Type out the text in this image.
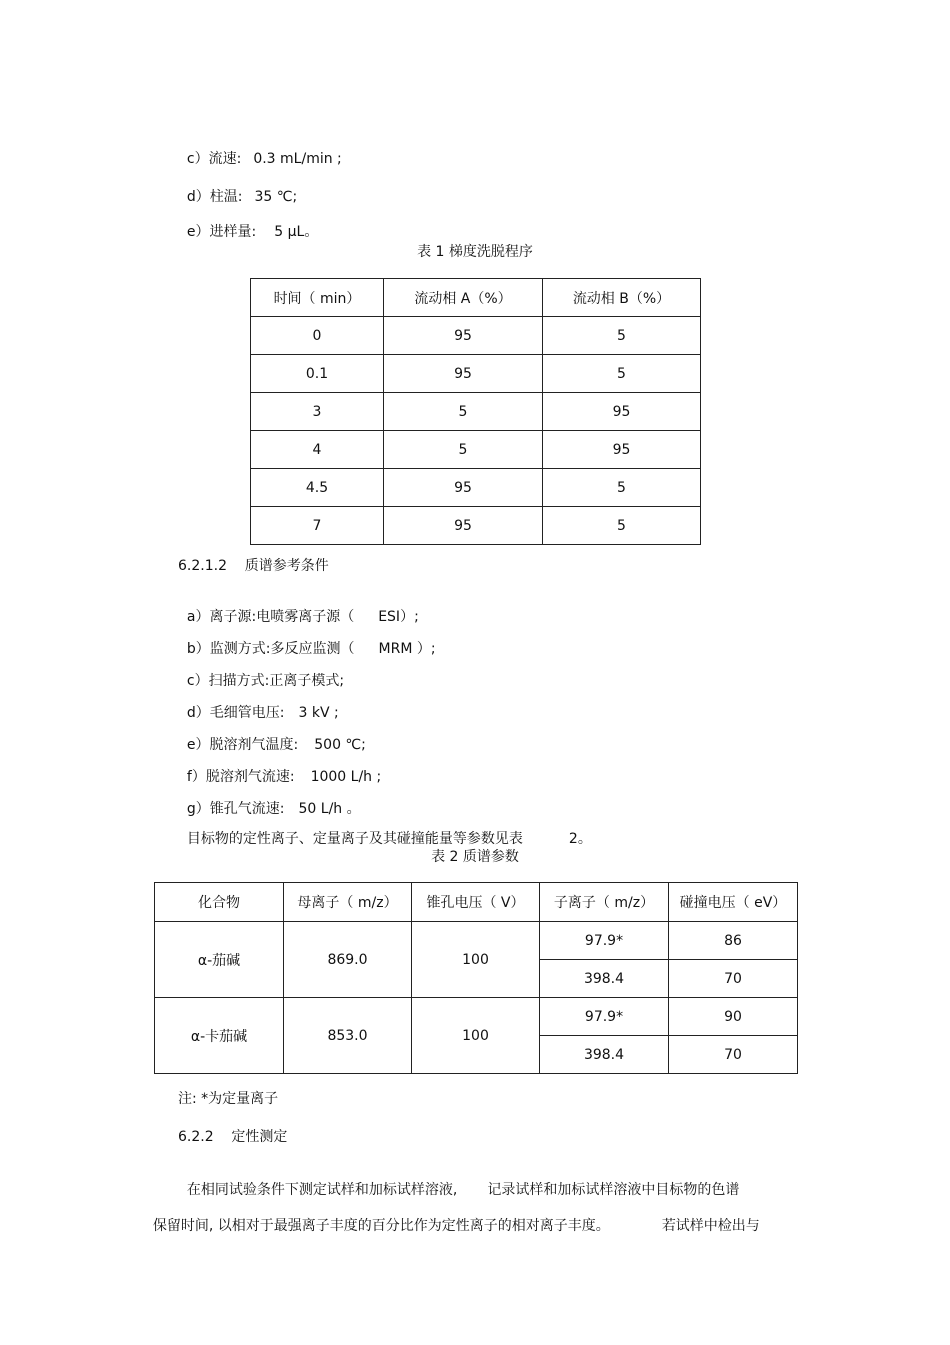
c）流速: 0.3 mL/min ;

d）柱温: 35 ℃;

e）进样量: 5 μL。

表 1 梯度洗脱程序
时间（ min）	流动相 A（%）	流动相 B（%）
0	95	5
0.1	95	5
3	5	95
4	5	95
4.5	95	5
7	95	5
6.2.1.2    质谱参考条件

a）离子源:电喷雾离子源（ ESI）;

b）监测方式:多反应监测（ MRM ）;

c）扫描方式:正离子模式;

d）毛细管电压: 3 kV ;

e）脱溶剂气温度: 500 ℃;

f）脱溶剂气流速: 1000 L/h ;

g）锥孔气流速: 50 L/h 。

目标物的定性离子、定量离子及其碰撞能量等参数见表	2。

表 2 质谱参数
化合物	母离子（ m/z）	锥孔电压（ V）	子离子（ m/z）	碰撞电压（ eV）
α-茄碱	869.0	100	97.9*	86
			398.4	70
α-卡茄碱	853.0	100	97.9*	90
			398.4	70
注: *为定量离子
6.2.2    定性测定

在相同试验条件下测定试样和加标试样溶液, 记录试样和加标试样溶液中目标物的色谱

保留时间, 以相对于最强离子丰度的百分比作为定性离子的相对离子丰度。	若试样中检出与
